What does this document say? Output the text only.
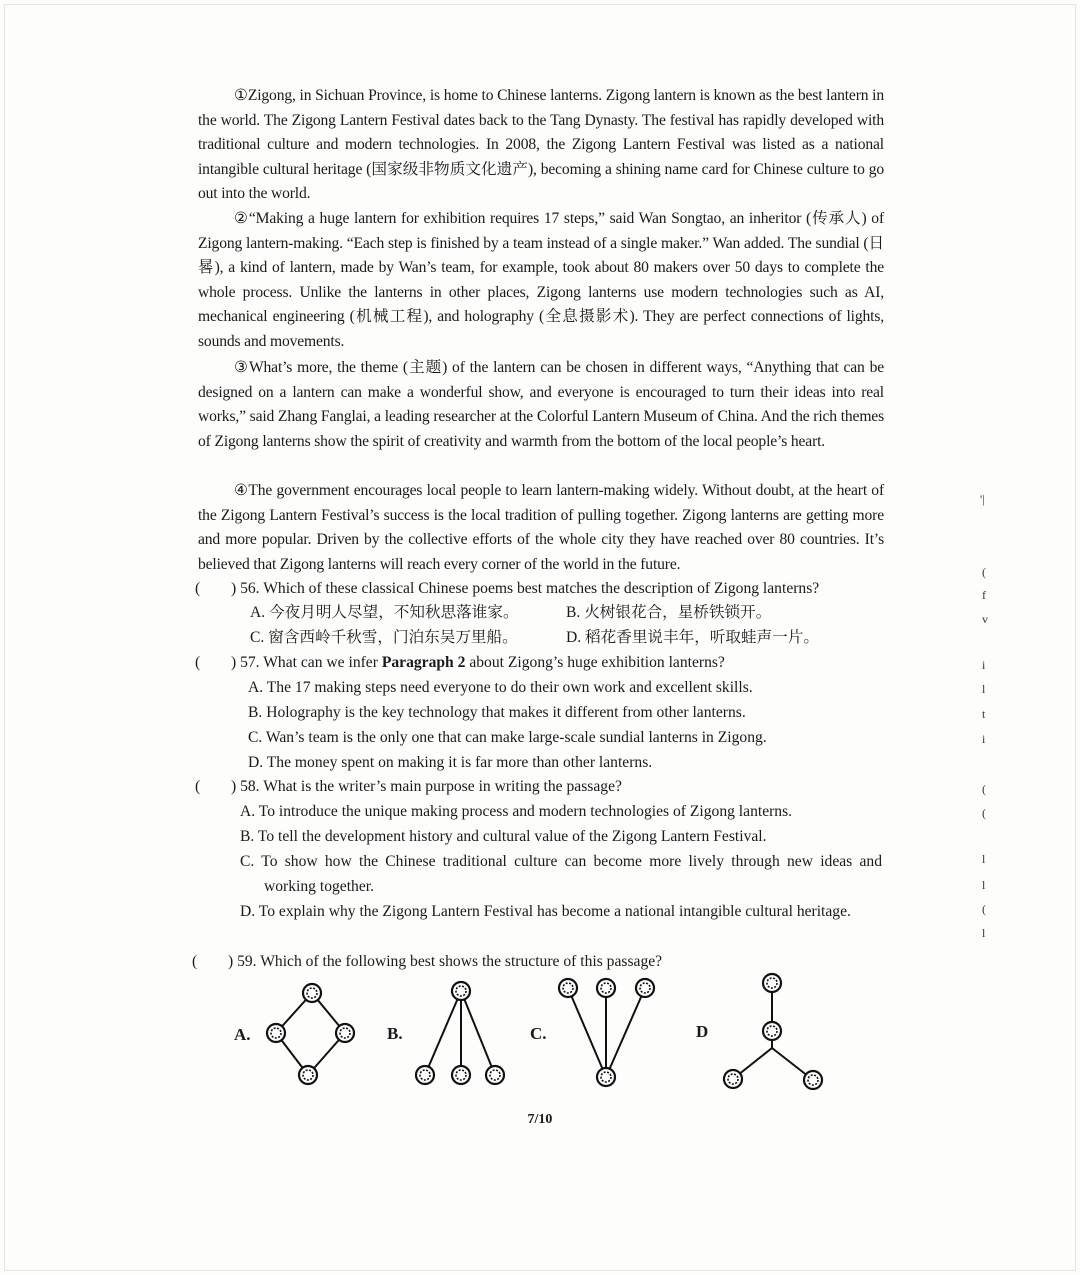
①Zigong, in Sichuan Province, is home to Chinese lanterns. Zigong lantern is known as the best lantern in the world. The Zigong Lantern Festival dates back to the Tang Dynasty. The festival has rapidly developed with traditional culture and modern technologies. In 2008, the Zigong Lantern Festival was listed as a national intangible cultural heritage (国家级非物质文化遗产), becoming a shining name card for Chinese culture to go out into the world.

②“Making a huge lantern for exhibition requires 17 steps,” said Wan Songtao, an inheritor (传承人) of Zigong lantern-making. “Each step is finished by a team instead of a single maker.” Wan added. The sundial (日晷), a kind of lantern, made by Wan’s team, for example, took about 80 makers over 50 days to complete the whole process. Unlike the lanterns in other places, Zigong lanterns use modern technologies such as AI, mechanical engineering (机械工程), and holography (全息摄影术). They are perfect connections of lights, sounds and movements.

③What’s more, the theme (主题) of the lantern can be chosen in different ways, “Anything that can be designed on a lantern can make a wonderful show, and everyone is encouraged to turn their ideas into real works,” said Zhang Fanglai, a leading researcher at the Colorful Lantern Museum of China. And the rich themes of Zigong lanterns show the spirit of creativity and warmth from the bottom of the local people’s heart.

④The government encourages local people to learn lantern-making widely. Without doubt, at the heart of the Zigong Lantern Festival’s success is the local tradition of pulling together. Zigong lanterns are getting more and more popular. Driven by the collective efforts of the whole city they have reached over 80 countries. It’s believed that Zigong lanterns will reach every corner of the world in the future.

( ) 56. Which of these classical Chinese poems best matches the description of Zigong lanterns?
A. 今夜月明人尽望，不知秋思落谁家。	B. 火树银花合，星桥铁锁开。
C. 窗含西岭千秋雪，门泊东吴万里船。	D. 稻花香里说丰年，听取蛙声一片。
( ) 57. What can we infer Paragraph 2 about Zigong’s huge exhibition lanterns?
A. The 17 making steps need everyone to do their own work and excellent skills.
B. Holography is the key technology that makes it different from other lanterns.
C. Wan’s team is the only one that can make large-scale sundial lanterns in Zigong.
D. The money spent on making it is far more than other lanterns.
( ) 58. What is the writer’s main purpose in writing the passage?
A. To introduce the unique making process and modern technologies of Zigong lanterns.
B. To tell the development history and cultural value of the Zigong Lantern Festival.
C. To show how the Chinese traditional culture can become more lively through new ideas and working together.
D. To explain why the Zigong Lantern Festival has become a national intangible cultural heritage.
( ) 59. Which of the following best shows the structure of this passage?
A.	B.	C.	D
'|
(
f
v
i
l
t
i
(
(
l
l
(
l
7/10
